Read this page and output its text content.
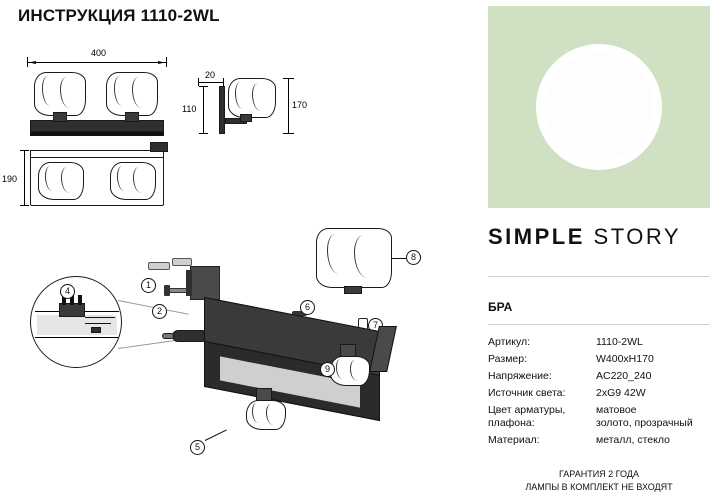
ИНСТРУКЦИЯ 1110-2WL
400
20
170
110
190
4
1
2	6
7
8
9
5
SIMPLE STORY
БРА
Артикул:	1110-2WL
Размер:	W400xH170
Напряжение:	AC220_240
Источник света:	2xG9 42W
Цвет арматуры, плафона:
матовое
золото, прозрачный
Материал:	металл, стекло
ГАРАНТИЯ 2 ГОДА
ЛАМПЫ В КОМПЛЕКТ НЕ ВХОДЯТ
